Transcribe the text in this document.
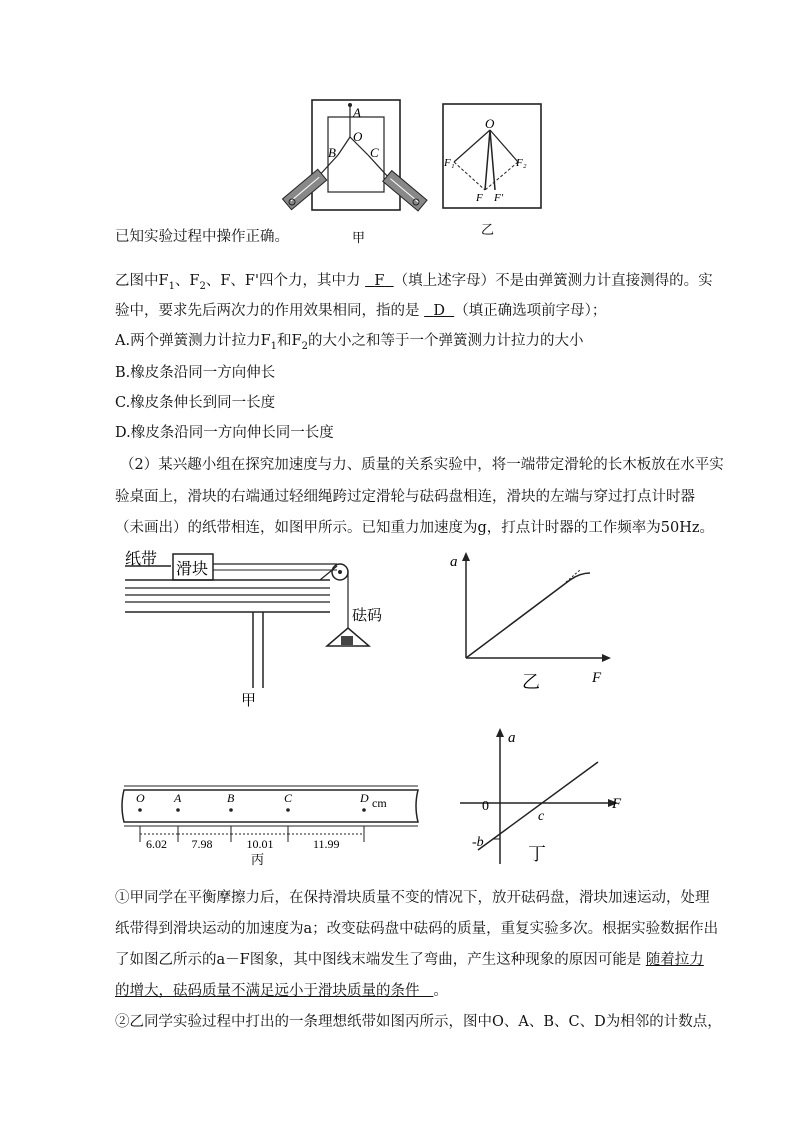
A
O
B	C
甲
O
F₁	F₂
F F'
乙
已知实验过程中操作正确。
乙图中$F_1$、$F_2$、F、F'四个力，其中力   F （填上述字母）不是由弹簧测力计直接测得的。实
验中，要求先后两次力的作用效果相同，指的是   D （填正确选项前字母）；
A.两个弹簧测力计拉力$F_1$和$F_2$的大小之和等于一个弹簧测力计拉力的大小
B.橡皮条沿同一方向伸长
C.橡皮条伸长到同一长度
D.橡皮条沿同一方向伸长同一长度
（2）某兴趣小组在探究加速度与力、质量的关系实验中，将一端带定滑轮的长木板放在水平实
验桌面上，滑块的右端通过轻细绳跨过定滑轮与砝码盘相连，滑块的左端与穿过打点计时器
（未画出）的纸带相连，如图甲所示。已知重力加速度为g，打点计时器的工作频率为50Hz。
纸带
滑块
砝码
甲
a
F
乙
O A	B	C	D
6.02 7.98	10.01	11.99
cm
丙
a
F
0
c
-b
丁
①甲同学在平衡摩擦力后，在保持滑块质量不变的情况下，放开砝码盘，滑块加速运动，处理
纸带得到滑块运动的加速度为a；改变砝码盘中砝码的质量，重复实验多次。根据实验数据作出
了如图乙所示的a－F图象，其中图线末端发生了弯曲，产生这种现象的原因可能是 随着拉力
的增大，砝码质量不满足远小于滑块质量的条件 。
②乙同学实验过程中打出的一条理想纸带如图丙所示，图中O、A、B、C、D为相邻的计数点，
